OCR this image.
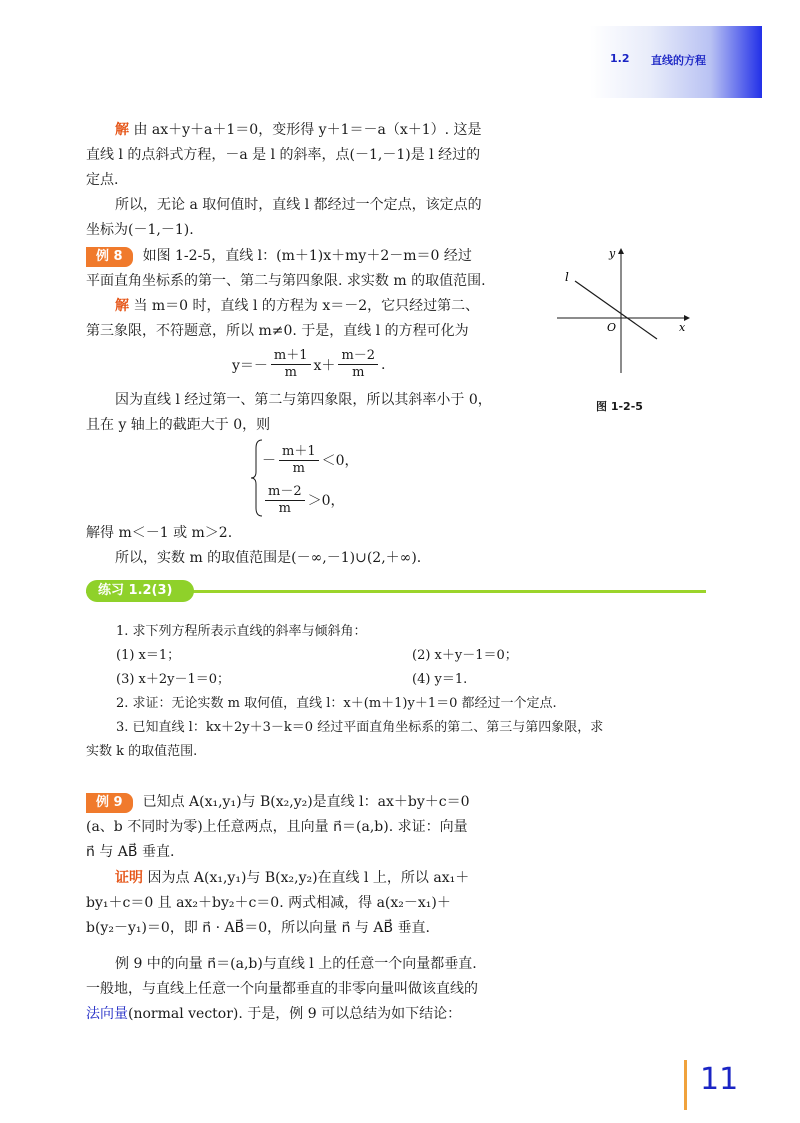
1.2 直线的方程
解 由 ax＋y＋a＋1＝0，变形得 y＋1＝－a（x＋1）. 这是
直线 l 的点斜式方程，－a 是 l 的斜率，点(－1,－1)是 l 经过的
定点.
所以，无论 a 取何值时，直线 l 都经过一个定点，该定点的
坐标为(－1,－1).
例 8 如图 1-2-5，直线 l：(m＋1)x＋my＋2－m＝0 经过
平面直角坐标系的第一、第二与第四象限. 求实数 m 的取值范围.
解 当 m＝0 时，直线 l 的方程为 x＝－2，它只经过第二、
第三象限，不符题意，所以 m≠0. 于是，直线 l 的方程可化为
$y=- \frac{m+1}{m} x+ \frac{m-2}{m}$ .
因为直线 l 经过第一、第二与第四象限，所以其斜率小于 0，
且在 y 轴上的截距大于 0，则
－ $\frac{m+1}{m} <0$，
$\frac{m-2}{m} >0$，
解得 m＜－1 或 m＞2.
所以，实数 m 的取值范围是(－∞,－1)∪(2,＋∞).
y
x
O
l
图 1-2-5
练习 1.2(3)
1. 求下列方程所表示直线的斜率与倾斜角：
(1) x＝1；	(2) x＋y－1＝0；
(3) x＋2y－1＝0；	(4) y＝1.
2. 求证：无论实数 m 取何值，直线 l：x＋(m＋1)y＋1＝0 都经过一个定点.
3. 已知直线 l：kx＋2y＋3－k＝0 经过平面直角坐标系的第二、第三与第四象限，求
实数 k 的取值范围.
例 9 已知点 A(x₁,y₁)与 B(x₂,y₂)是直线 l：ax＋by＋c＝0
(a、b 不同时为零)上任意两点，且向量 n⃗＝(a,b). 求证：向量
n⃗ 与 AB⃗ 垂直.
证明 因为点 A(x₁,y₁)与 B(x₂,y₂)在直线 l 上，所以 ax₁＋
by₁＋c＝0 且 ax₂＋by₂＋c＝0. 两式相减，得 a(x₂－x₁)＋
b(y₂－y₁)＝0，即 n⃗ · AB⃗＝0，所以向量 n⃗ 与 AB⃗ 垂直.
例 9 中的向量 n⃗＝(a,b)与直线 l 上的任意一个向量都垂直.
一般地，与直线上任意一个向量都垂直的非零向量叫做该直线的
法向量(normal vector). 于是，例 9 可以总结为如下结论：
11
